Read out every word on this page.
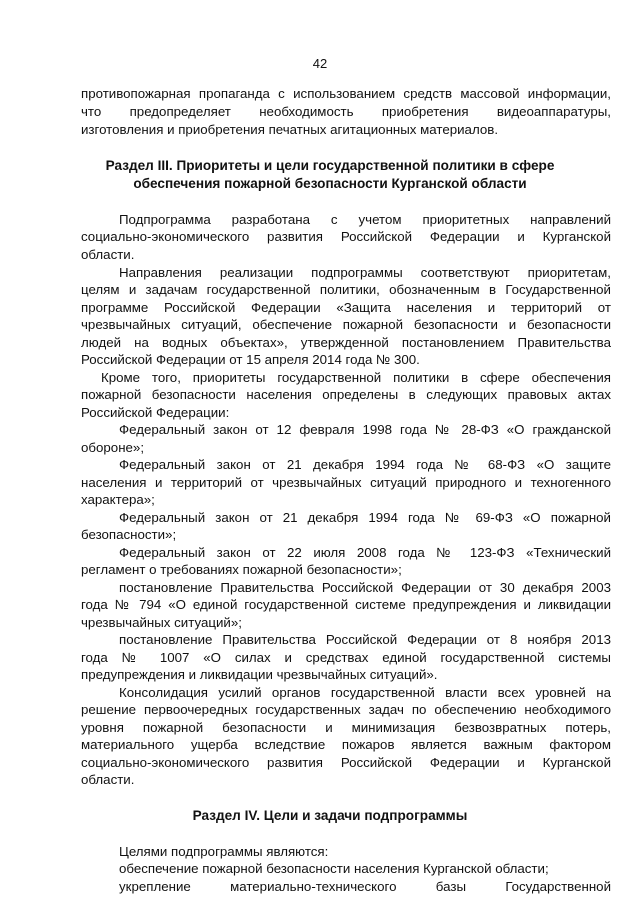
42
противопожарная пропаганда с использованием средств массовой информации,
что предопределяет необходимость приобретения видеоаппаратуры,
изготовления и приобретения печатных агитационных материалов.
Раздел III. Приоритеты и цели государственной политики в сфере
обеспечения пожарной безопасности Курганской области
Подпрограмма разработана с учетом приоритетных направлений
социально-экономического развития Российской Федерации и Курганской
области.
Направления реализации подпрограммы соответствуют приоритетам,
целям и задачам государственной политики, обозначенным в Государственной
программе Российской Федерации «Защита населения и территорий от
чрезвычайных ситуаций, обеспечение пожарной безопасности и безопасности
людей на водных объектах», утвержденной постановлением Правительства
Российской Федерации от 15 апреля 2014 года № 300.
Кроме того, приоритеты государственной политики в сфере обеспечения
пожарной безопасности населения определены в следующих правовых актах
Российской Федерации:
Федеральный закон от 12 февраля 1998 года № 28-ФЗ «О гражданской
обороне»;
Федеральный закон от 21 декабря 1994 года № 68-ФЗ «О защите
населения и территорий от чрезвычайных ситуаций природного и техногенного
характера»;
Федеральный закон от 21 декабря 1994 года № 69-ФЗ «О пожарной
безопасности»;
Федеральный закон от 22 июля 2008 года № 123-ФЗ «Технический
регламент о требованиях пожарной безопасности»;
постановление Правительства Российской Федерации от 30 декабря 2003
года № 794 «О единой государственной системе предупреждения и ликвидации
чрезвычайных ситуаций»;
постановление Правительства Российской Федерации от 8 ноября 2013
года № 1007 «О силах и средствах единой государственной системы
предупреждения и ликвидации чрезвычайных ситуаций».
Консолидация усилий органов государственной власти всех уровней на
решение первоочередных государственных задач по обеспечению необходимого
уровня пожарной безопасности и минимизация безвозвратных потерь,
материального ущерба вследствие пожаров является важным фактором
социально-экономического развития Российской Федерации и Курганской
области.
Раздел IV. Цели и задачи подпрограммы
Целями подпрограммы являются:
обеспечение пожарной безопасности населения Курганской области;
укрепление материально-технического базы Государственной
